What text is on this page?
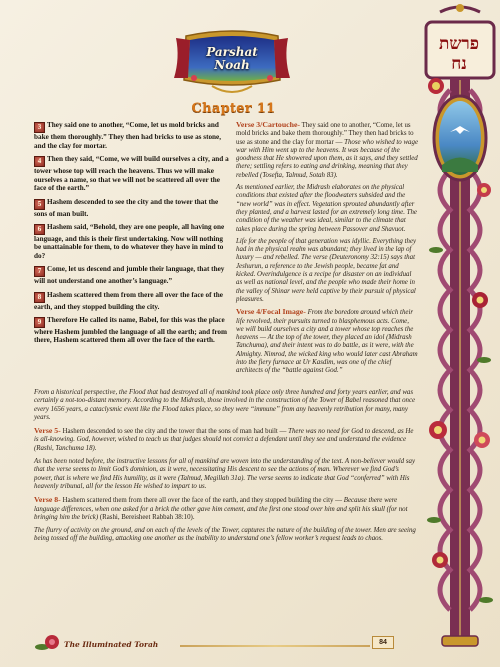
Parshat
Noah
Chapter 11
פרשת
נח
3 They said one to another, “Come, let us mold bricks and bake them thoroughly.” They then had bricks to use as stone, and the clay for mortar.
4 Then they said, “Come, we will build ourselves a city, and a tower whose top will reach the heavens. Thus we will make ourselves a name, so that we will not be scattered all over the face of the earth.”
5 Hashem descended to see the city and the tower that the sons of man built.
6 Hashem said, “Behold, they are one people, all having one language, and this is their first undertaking. Now will nothing be unattainable for them, to do whatever they have in mind to do?
7 Come, let us descend and jumble their language, that they will not understand one another’s language.”
8 Hashem scattered them from there all over the face of the earth, and they stopped building the city.
9 Therefore He called its name, Babel, for this was the place where Hashem jumbled the language of all the earth; and from there, Hashem scattered them all over the face of the earth.

Verse 3/Cartouche- They said one to another, “Come, let us mold bricks and bake them thoroughly.” They then had bricks to use as stone and the clay for mortar — Those who wished to wage war with Him went up to the heavens. It was because of the goodness that He showered upon them, as it says, and they settled there; settling refers to eating and drinking, meaning that they rebelled (Tosefta, Talmud, Sotah 83).

As mentioned earlier, the Midrash elaborates on the physical conditions that existed after the floodwaters subsided and the “new world” was in effect. Vegetation sprouted abundantly after they planted, and a harvest lasted for an extremely long time. The condition of the weather was ideal, similar to the climate that takes place during the spring between Passover and Shavuot.

Life for the people of that generation was idyllic. Everything they had in the physical realm was abundant; they lived in the lap of luxury — and rebelled. The verse (Deuteronomy 32:15) says that Jeshurun, a reference to the Jewish people, became fat and kicked. Overindulgence is a recipe for disaster on an individual as well as national level, and the people who made their home in the valley of Shinar were held captive by their pursuit of physical pleasures.

Verse 4/Focal Image- From the boredom around which their life revolved, their pursuits turned to blasphemous acts. Come, we will build ourselves a city and a tower whose top reaches the heavens — At the top of the tower, they placed an idol (Midrash Tanchuma), and their intent was to do battle, as it were, with the Almighty. Nimrod, the wicked king who would later cast Abraham into the fiery furnace at Ur Kasdim, was one of the chief architects of the “battle against God.”

From a historical perspective, the Flood that had destroyed all of mankind took place only three hundred and forty years earlier, and was certainly a not-too-distant memory. According to the Midrash, those involved in the construction of the Tower of Babel reasoned that once every 1656 years, a cataclysmic event like the Flood takes place, so they were “immune” from any heavenly retribution for many, many years.

Verse 5- Hashem descended to see the city and the tower that the sons of man had built — There was no need for God to descend, as He is all-knowing. God, however, wished to teach us that judges should not convict a defendant until they see and understand the evidence (Rashi, Tanchuma 18).

As has been noted before, the instructive lessons for all of mankind are woven into the understanding of the text. A non-believer would say that the verse seems to limit God’s dominion, as it were, necessitating His descent to see the actions of man. Wherever we find God’s power, that is where we find His humility, as it were (Talmud, Megillah 31a). The verse seems to indicate that God “conferred” with His heavenly tribunal, all for the lesson He wished to impart to us.

Verse 8- Hashem scattered them from there all over the face of the earth, and they stopped building the city — Because there were language differences, when one asked for a brick the other gave him cement, and the first one stood over him and split his skull (for not bringing him the brick) (Rashi, Bereisheet Rabbah 38:10).

The flurry of activity on the ground, and on each of the levels of the Tower, captures the nature of the building of the tower. Men are seeing being tossed off the building, attacking one another as the inability to understand one’s fellow worker’s request leads to chaos.

The Illuminated Torah	84
